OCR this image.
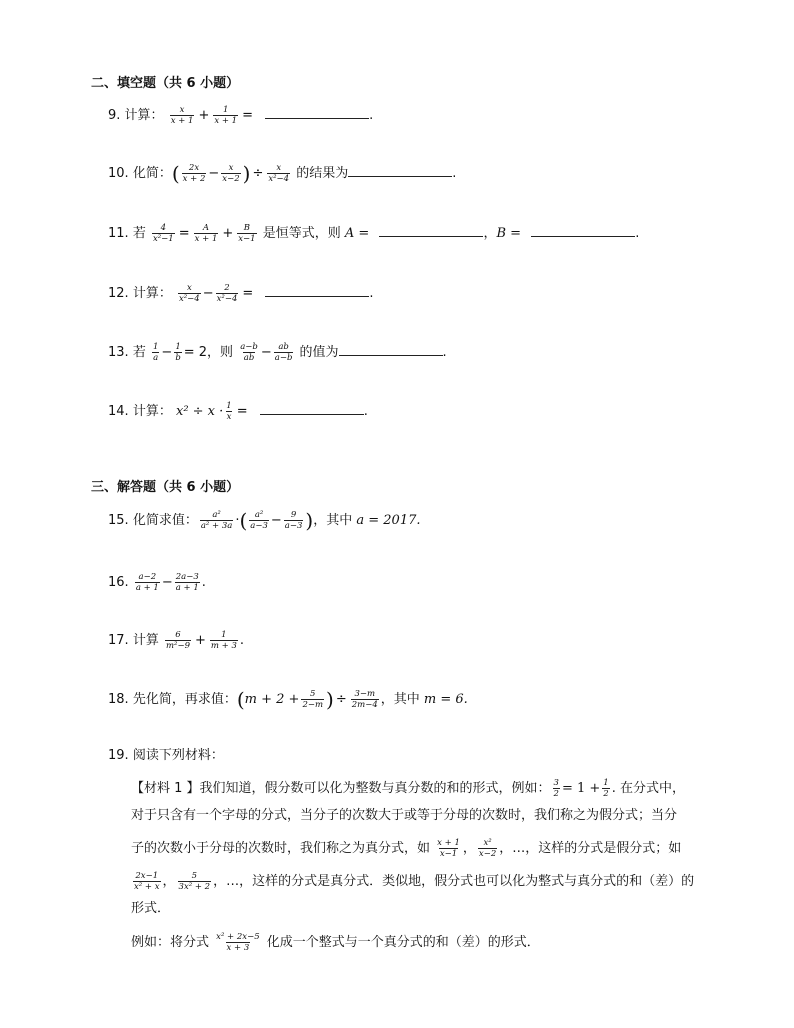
二、填空题（共 6 小题）
9. 计算： $\frac{x}{x + 1} + \frac{1}{x + 1}$ =	.
10. 化简：( $\frac{2x}{x + 2} - \frac{x}{x-2}$ ) ÷ $\frac{x}{\text{x²−4}}$ 的结果为	.
11. 若 $\frac{4}{\text{x²−1}} = \frac{A}{x + 1} + \frac{B}{x-1}$ 是恒等式，则 A =	，B =	.
12. 计算： $\frac{x}{\text{x²−4}} - \frac{2}{\text{x²−4}}$ =	.
13. 若 $\frac{1}{a} - \frac{1}{b} = 2$，则 $\frac{a-b}{ab} - \frac{ab}{a-b}$ 的值为	.
14. 计算： $x^2 \div x \cdot \frac{1}{x}$ =	.
三、解答题（共 6 小题）
15. 化简求值： $\frac{\text{a²}}{\text{a² + 3a}}$ ·( $\frac{\text{a²}}{a-3} - \frac{9}{a-3}$ )，其中 a = 2017.
16. $\frac{a-2}{a + 1} - \frac{2a-3}{a + 1}$ .
17. 计算 $\frac{6}{\text{m²−9}} + \frac{1}{m + 3}$ .
18. 先化简，再求值：($m + 2 + \frac{5}{2-m}$ ) ÷ $\frac{3-m}{2m-4}$ ，其中 m = 6.
19. 阅读下列材料：
【材料 1 】我们知道，假分数可以化为整数与真分数的和的形式，例如： $\frac{3}{2} = 1 + \frac{1}{2}$ . 在分式中，
对于只含有一个字母的分式，当分子的次数大于或等于分母的次数时，我们称之为假分式；当分
子的次数小于分母的次数时，我们称之为真分式，如 $\frac{x + 1}{x-1}$ ， $\frac{\text{x²}}{x-2}$ ，…，这样的分式是假分式；如
$\frac{2x-1}{\text{x² + x}}$ ， $\frac{5}{\text{3x² + 2}}$ ，…，这样的分式是真分式．类似地，假分式也可以化为整式与真分式的和（差）的
形式．
例如：将分式 $\frac{\text{x² + 2x−5}}{x + 3}$ 化成一个整式与一个真分式的和（差）的形式．
